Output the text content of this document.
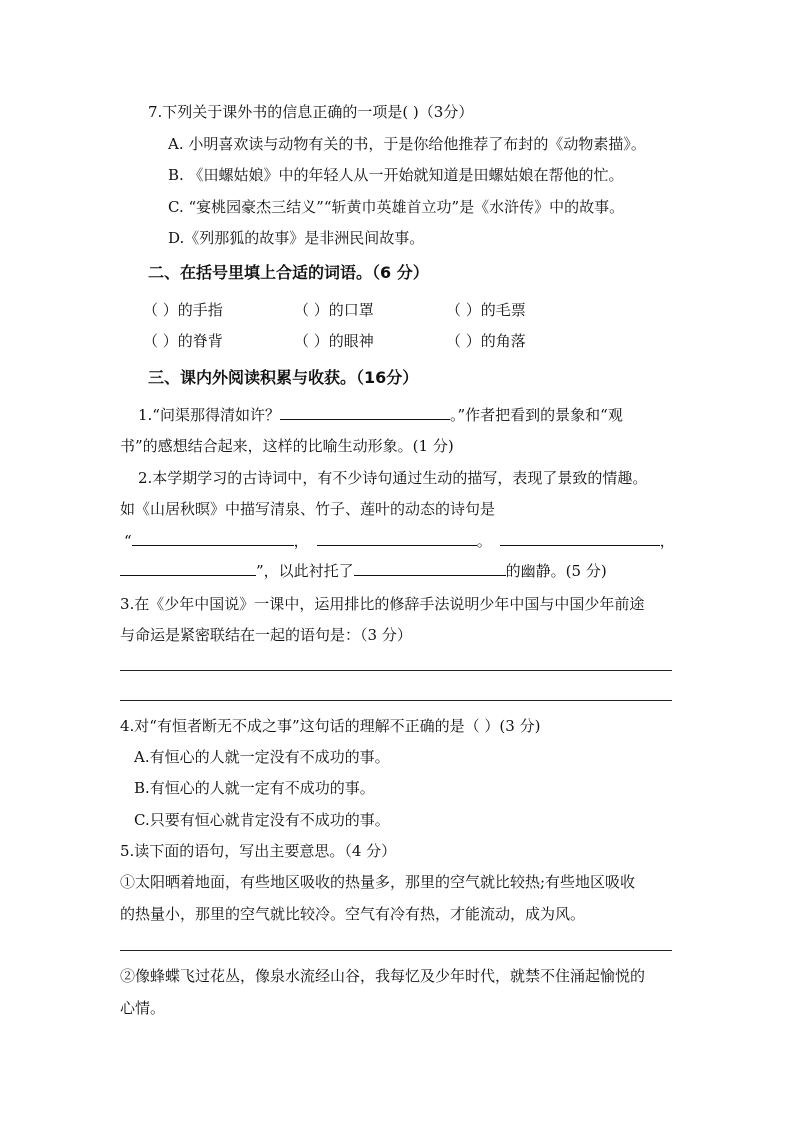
7.下列关于课外书的信息正确的一项是( )（3分）
A. 小明喜欢读与动物有关的书，于是你给他推荐了布封的《动物素描》。
B. 《田螺姑娘》中的年轻人从一开始就知道是田螺姑娘在帮他的忙。
C. “宴桃园豪杰三结义”“斩黄巾英雄首立功”是《水浒传》中的故事。
D.《列那狐的故事》是非洲民间故事。
二、在括号里填上合适的词语。（6 分）
（ ）的手指	（ ）的口罩	（ ）的毛票
（ ）的脊背	（ ）的眼神	（ ）的角落
三、课内外阅读积累与收获。（16分）
1.“问渠那得清如许？	。”作者把看到的景象和“观
书”的感想结合起来，这样的比喻生动形象。(1 分)
2.本学期学习的古诗词中，有不少诗句通过生动的描写，表现了景致的情趣。
如《山居秋暝》中描写清泉、竹子、莲叶的动态的诗句是
“	，	。	，
”，以此衬托了	的幽静。(5 分)
3.在《少年中国说》一课中，运用排比的修辞手法说明少年中国与中国少年前途
与命运是紧密联结在一起的语句是：（3 分）
4.对“有恒者断无不成之事”这句话的理解不正确的是（ ）(3 分)
A.有恒心的人就一定没有不成功的事。
B.有恒心的人就一定有不成功的事。
C.只要有恒心就肯定没有不成功的事。
5.读下面的语句，写出主要意思。（4 分）
①太阳晒着地面，有些地区吸收的热量多，那里的空气就比较热;有些地区吸收
的热量小，那里的空气就比较冷。空气有冷有热，才能流动，成为风。
②像蜂蝶飞过花丛，像泉水流经山谷，我每忆及少年时代，就禁不住涌起愉悦的
心情。
